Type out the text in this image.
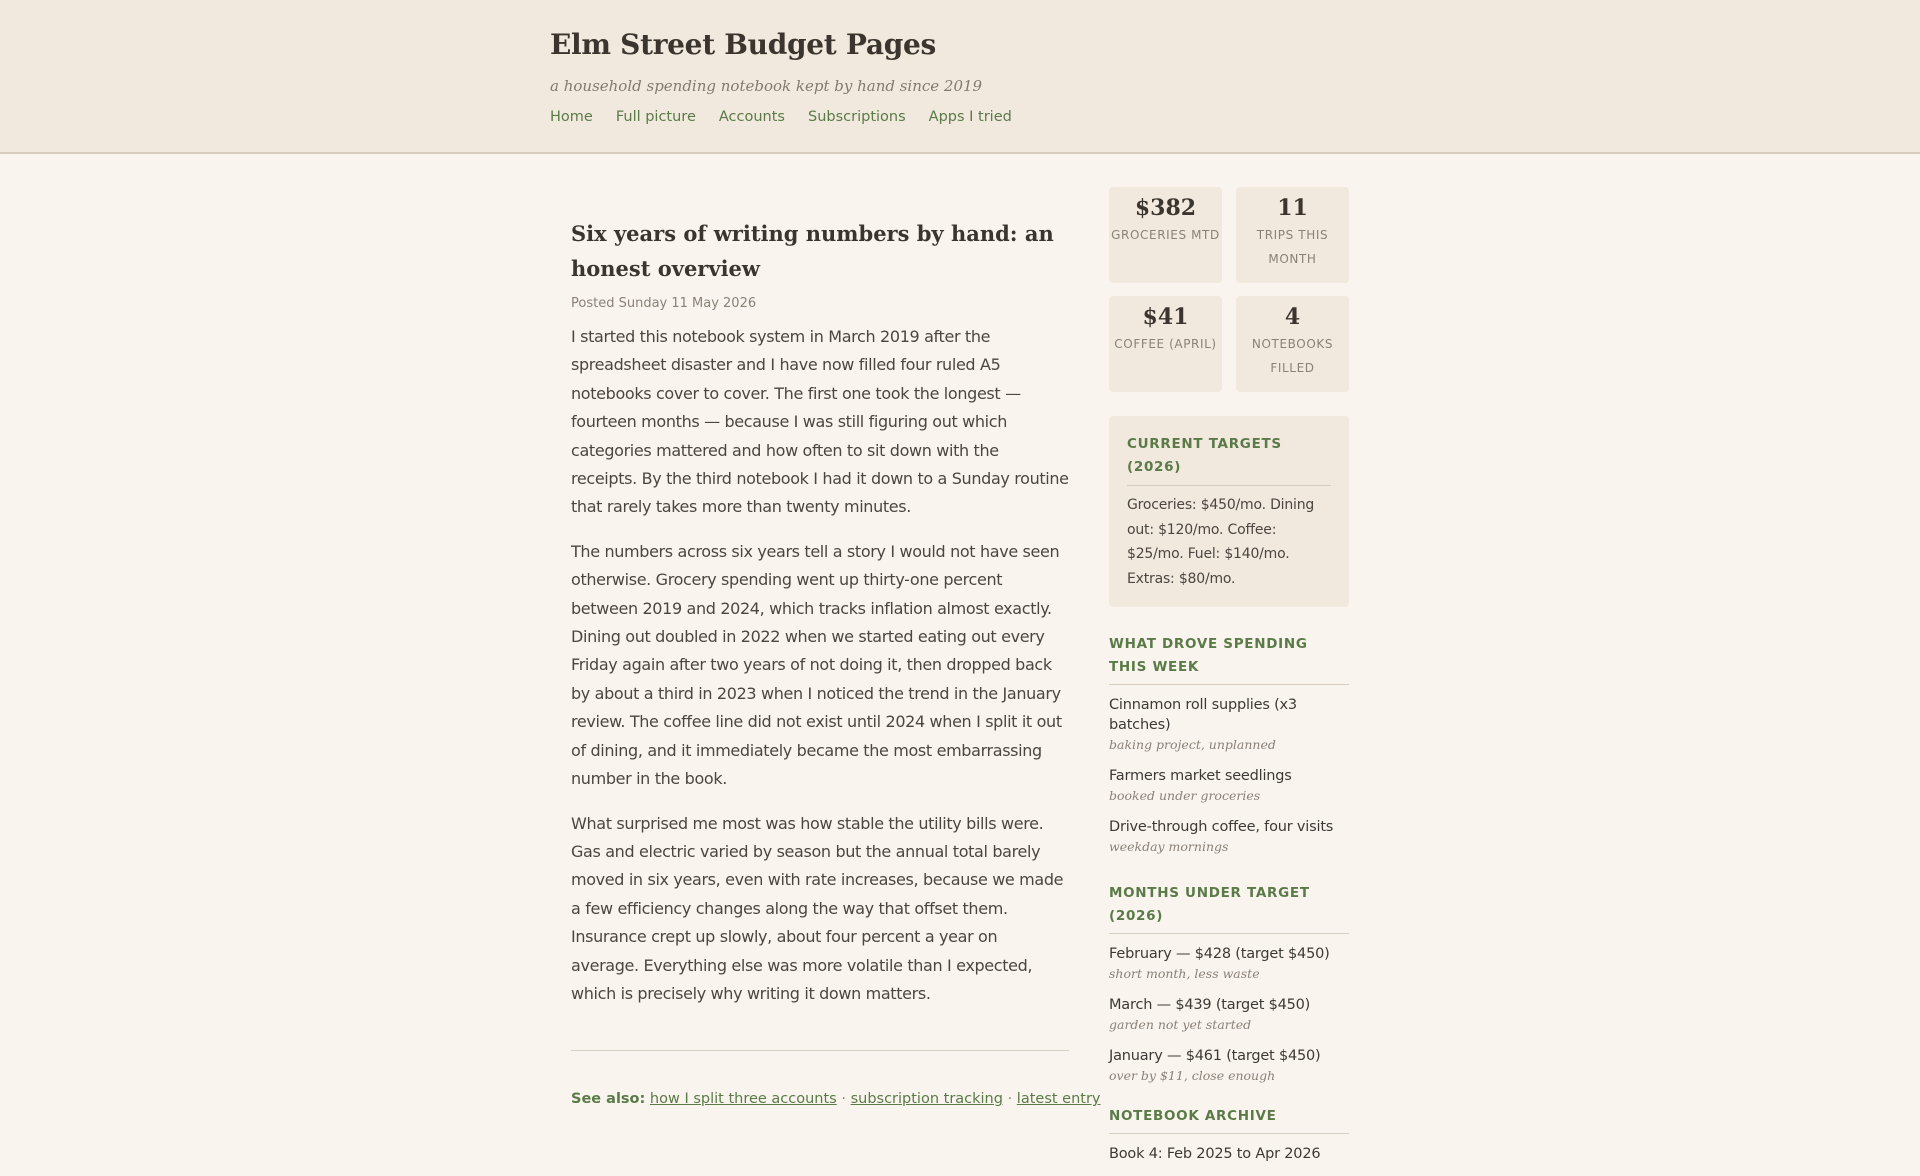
Elm Street Budget Pages
a household spending notebook kept by hand since 2019
Home Full picture Accounts Subscriptions Apps I tried
Six years of writing numbers by hand: an honest overview
Posted Sunday 11 May 2026

I started this notebook system in March 2019 after the spreadsheet disaster and I have now filled four ruled A5 notebooks cover to cover. The first one took the longest — fourteen months — because I was still figuring out which categories mattered and how often to sit down with the receipts. By the third notebook I had it down to a Sunday routine that rarely takes more than twenty minutes.

The numbers across six years tell a story I would not have seen otherwise. Grocery spending went up thirty-one percent between 2019 and 2024, which tracks inflation almost exactly. Dining out doubled in 2022 when we started eating out every Friday again after two years of not doing it, then dropped back by about a third in 2023 when I noticed the trend in the January review. The coffee line did not exist until 2024 when I split it out of dining, and it immediately became the most embarrassing number in the book.

What surprised me most was how stable the utility bills were. Gas and electric varied by season but the annual total barely moved in six years, even with rate increases, because we made a few efficiency changes along the way that offset them. Insurance crept up slowly, about four percent a year on average. Everything else was more volatile than I expected, which is precisely why writing it down matters.

See also: how I split three accounts · subscription tracking · latest entry
$382
GROCERIES MTD
11
TRIPS THIS MONTH
$41
COFFEE (APRIL)
4
NOTEBOOKS FILLED
CURRENT TARGETS (2026)
Groceries: $450/mo. Dining out: $120/mo. Coffee: $25/mo. Fuel: $140/mo. Extras: $80/mo.
WHAT DROVE SPENDING THIS WEEK
Cinnamon roll supplies (x3 batches)
baking project, unplanned
Farmers market seedlings
booked under groceries
Drive-through coffee, four visits
weekday mornings
MONTHS UNDER TARGET (2026)
February — $428 (target $450)
short month, less waste
March — $439 (target $450)
garden not yet started
January — $461 (target $450)
over by $11, close enough
NOTEBOOK ARCHIVE
Book 4: Feb 2025 to Apr 2026
